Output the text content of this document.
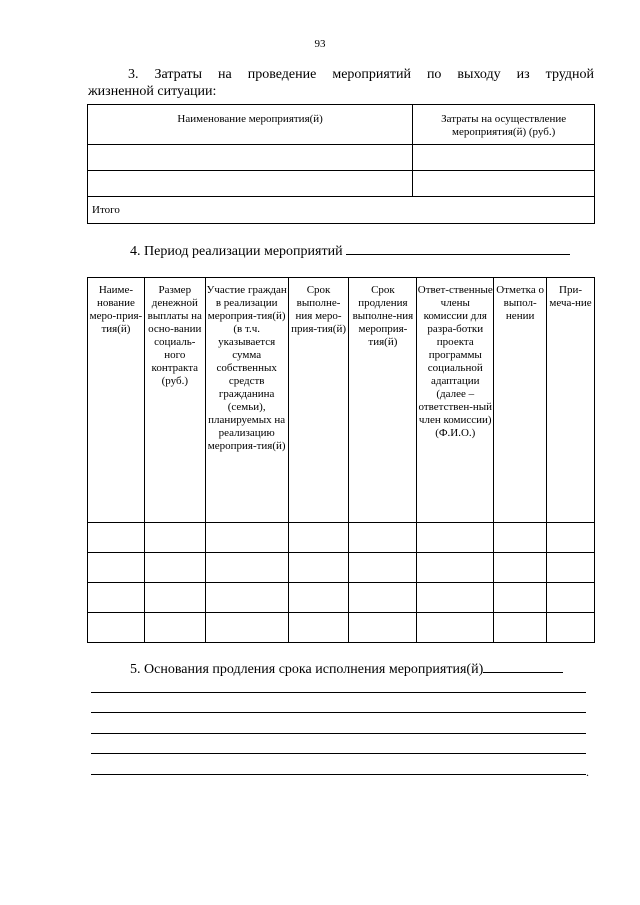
93
3. Затраты на проведение мероприятий по выходу из трудной
жизненной ситуации:
Наименование мероприятия(й)	Затраты на осуществление мероприятия(й) (руб.)

Итого	
4. Период реализации мероприятий
Наиме-нование меро-прия-тия(й)	Размер денежной выплаты на осно-вании социаль-ного контракта (руб.)	Участие граждан в реализации мероприя-тия(й) (в т.ч. указывается сумма собственных средств гражданина (семьи), планируемых на реализацию мероприя-тия(й)	Срок выполне-ния меро-прия-тия(й)	Срок продления выполне-ния мероприя-тия(й)	Ответ-ственные члены комиссии для разра-ботки проекта программы социальной адаптации (далее – ответствен-ный член комиссии) (Ф.И.О.)	Отметка о выпол-нении	При-меча-ние

5. Основания продления срока исполнения мероприятия(й)
.
